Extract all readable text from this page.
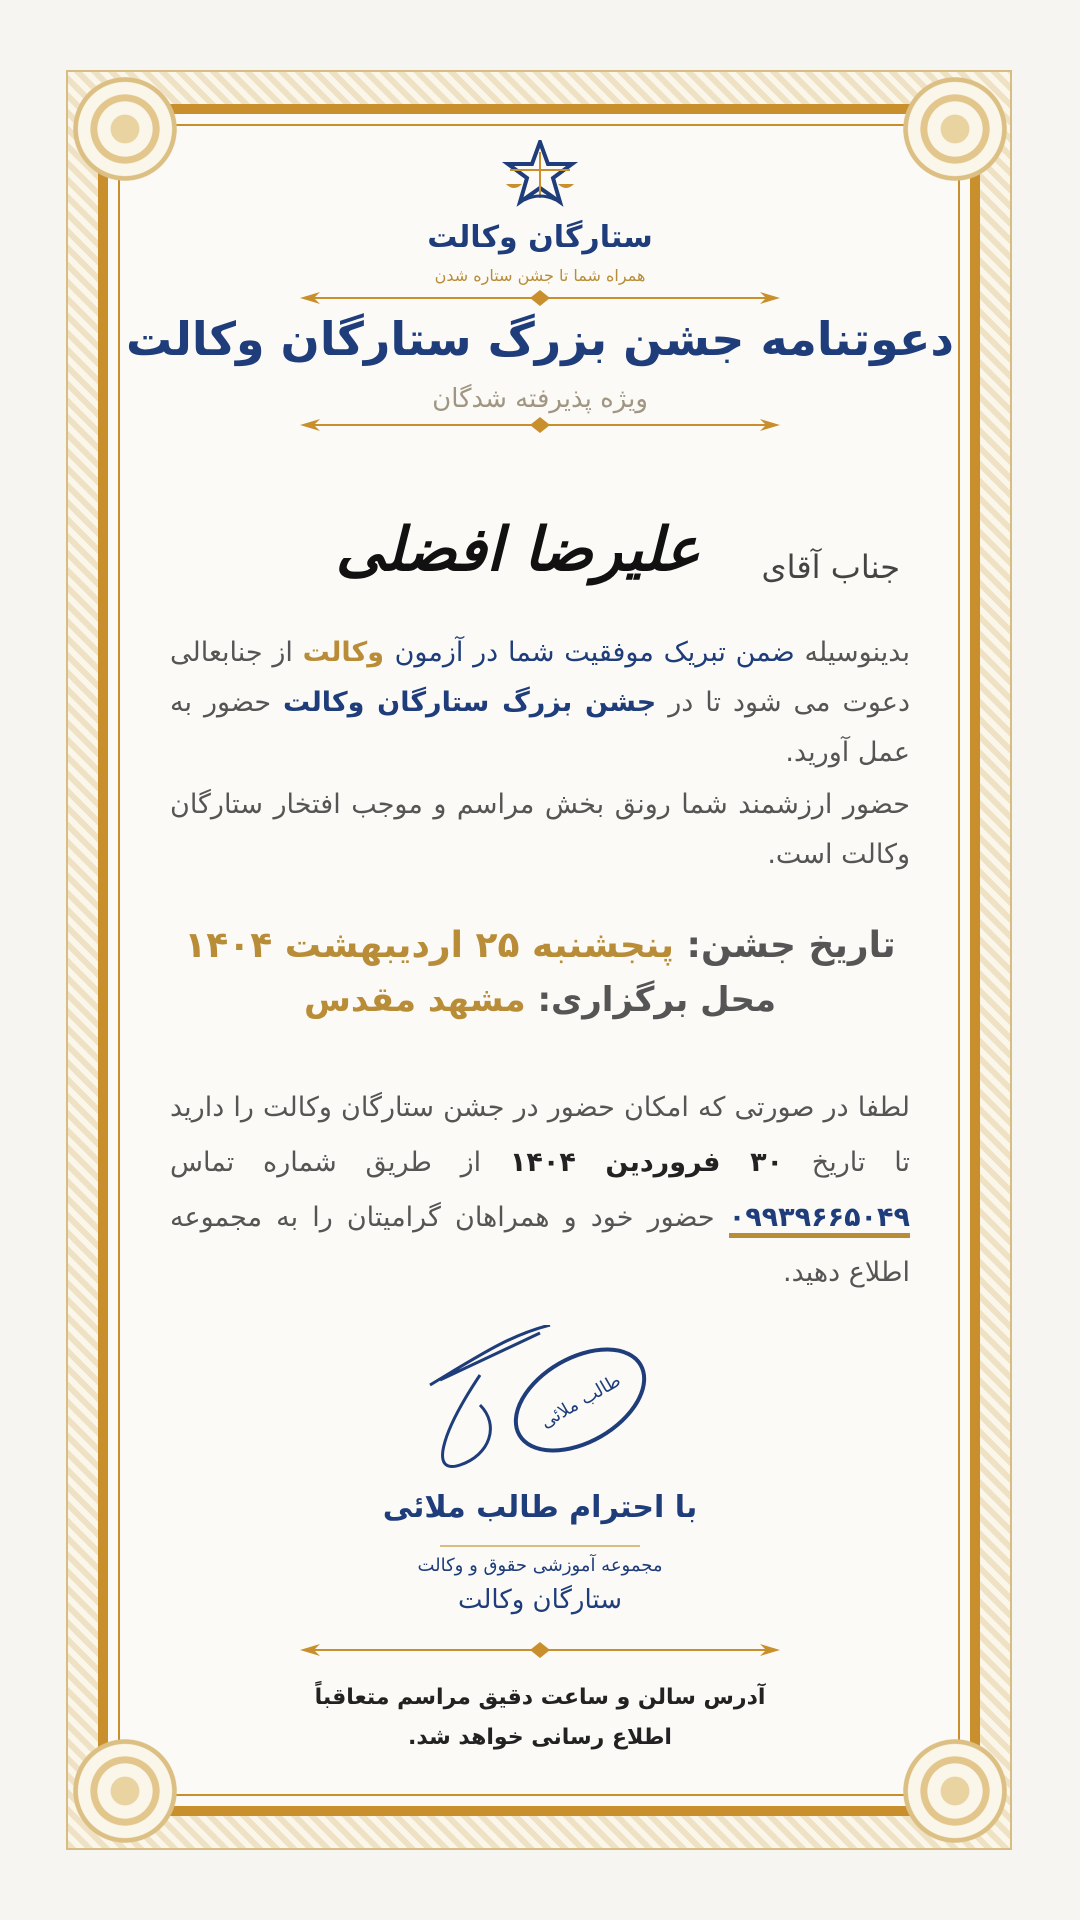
ستارگان وکالت
همراه شما تا جشن ستاره شدن
دعوتنامه جشن بزرگ ستارگان وکالت
ویژه پذیرفته شدگان
جناب آقای
علیرضا افضلی
بدینوسیله ضمن تبریک موفقیت شما در آزمون وکالت از جنابعالی دعوت می شود تا در جشن بزرگ ستارگان وکالت حضور به عمل آورید.
حضور ارزشمند شما رونق بخش مراسم و موجب افتخار ستارگان وکالت است.
تاریخ جشن: پنجشنبه ۲۵ اردیبهشت ۱۴۰۴
محل برگزاری: مشهد مقدس
لطفا در صورتی که امکان حضور در جشن ستارگان وکالت را دارید تا تاریخ ۳۰ فروردین ۱۴۰۴ از طریق شماره تماس ۰۹۹۳۹۶۶۵۰۴۹ حضور خود و همراهان گرامیتان را به مجموعه اطلاع دهید.
طالب ملائی
با احترام طالب ملائی
مجموعه آموزشی حقوق و وکالت
ستارگان وکالت
آدرس سالن و ساعت دقیق مراسم متعاقباً
اطلاع رسانی خواهد شد.
